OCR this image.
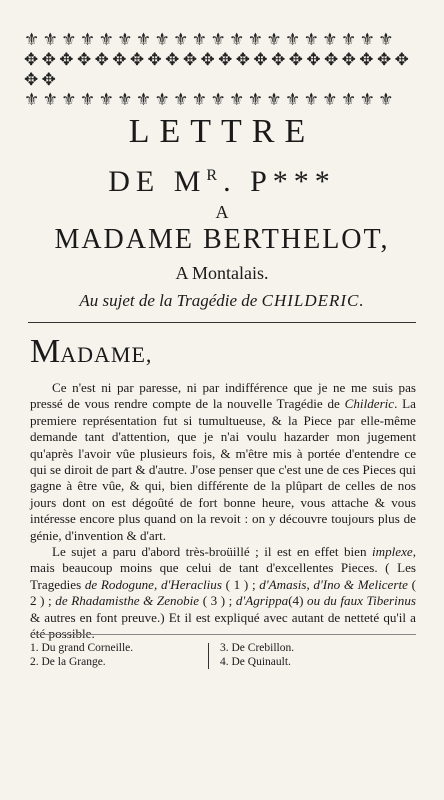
⚜ ⚜ ⚜ ⚜ ⚜ ⚜ ⚜ ⚜ ⚜ ⚜ ⚜ ⚜ ⚜ ⚜ ⚜ ⚜ ⚜ ⚜ ⚜ ⚜
✥ ✥ ✥ ✥ ✥ ✥ ✥ ✥ ✥ ✥ ✥ ✥ ✥ ✥ ✥ ✥ ✥ ✥ ✥ ✥ ✥ ✥ ✥ ✥
⚜ ⚜ ⚜ ⚜ ⚜ ⚜ ⚜ ⚜ ⚜ ⚜ ⚜ ⚜ ⚜ ⚜ ⚜ ⚜ ⚜ ⚜ ⚜ ⚜
LETTRE
DE $M^R$. P***
A
MADAME BERTHELOT,
A Montalais.
Au sujet de la Tragédie de CHILDERIC.
MADAME,

Ce n'est ni par paresse, ni par indifférence que je ne me suis pas pressé de vous rendre compte de la nouvelle Tragédie de Childeric. La premiere représentation fut si tumultueuse, & la Piece par elle-même demande tant d'attention, que je n'ai voulu hazarder mon jugement qu'après l'avoir vûe plusieurs fois, & m'être mis à portée d'entendre ce qui se diroit de part & d'autre. J'ose penser que c'est une de ces Pieces qui gagne à être vûe, & qui, bien différente de la plûpart de celles de nos jours dont on est dégoûté de fort bonne heure, vous attache & vous intéresse encore plus quand on la revoit : on y découvre toujours plus de génie, d'invention & d'art.

Le sujet a paru d'abord très-broüillé ; il est en effet bien implexe, mais beaucoup moins que celui de tant d'excellentes Pieces. ( Les Tragedies de Rodogune, d'Heraclius ( 1 ) ; d'Amasis, d'Ino & Melicerte ( 2 ) ; de Rhadamisthe & Zenobie ( 3 ) ; d'Agrippa(4) ou du faux Tiberinus & autres en font preuve.) Et il est expliqué avec autant de netteté qu'il a été possible.

1. Du grand Corneille.
2. De la Grange.
3. De Crebillon.
4. De Quinault.
